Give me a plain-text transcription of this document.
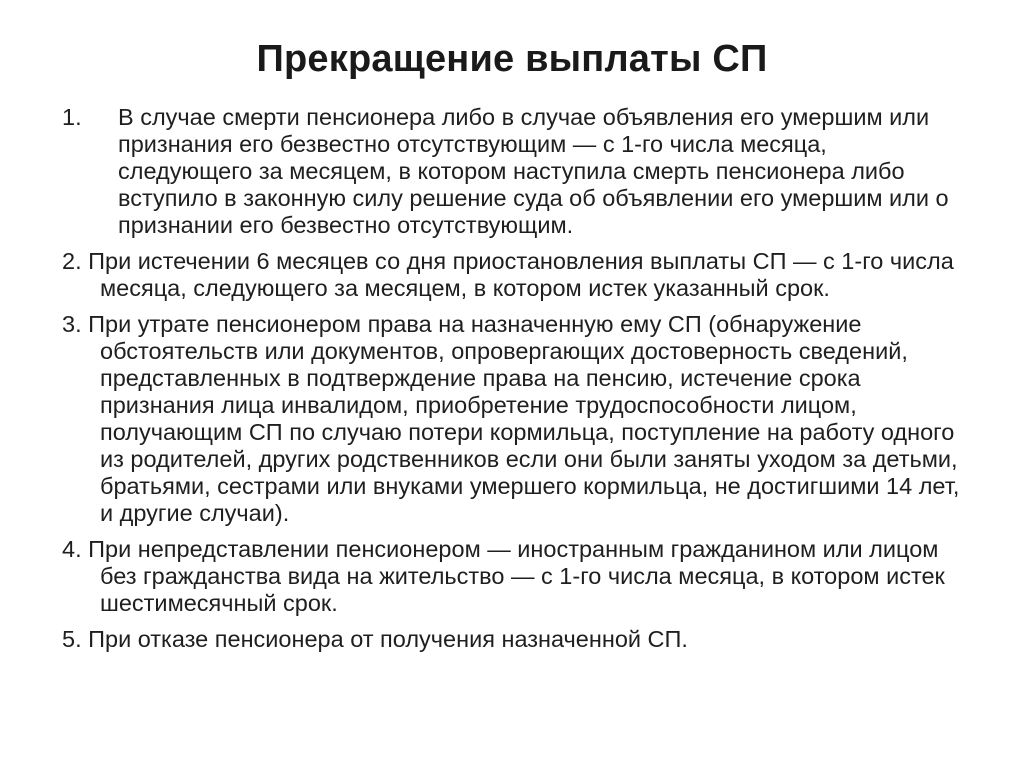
Прекращение выплаты СП
1.	В случае смерти пенсионера либо в случае объявления его умершим или признания его безвестно отсутствующим — с 1-го числа месяца, следующего за месяцем, в котором наступила смерть пенсионера либо вступило в законную силу решение суда об объявлении его умершим или о признании его безвестно отсутствующим.
2. При истечении 6 месяцев со дня приостановления выплаты СП — с 1-го числа месяца, следующего за месяцем, в котором истек указанный срок.
3. При утрате пенсионером права на назначенную ему СП (обнаружение обстоятельств или документов, опровергающих достоверность сведений, представленных в подтверждение права на пенсию, истечение срока признания лица инвалидом, приобретение трудоспособности лицом, получающим СП по случаю потери кормильца, поступление на работу одного из родителей, других родственников если они были заняты уходом за детьми, братьями, сестрами или внуками умершего кормильца, не достигшими 14 лет, и другие случаи).
4. При непредставлении пенсионером — иностранным гражданином или лицом без гражданства вида на жительство — с 1-го числа месяца, в котором истек шестимесячный срок.
5. При отказе пенсионера от получения назначенной СП.
